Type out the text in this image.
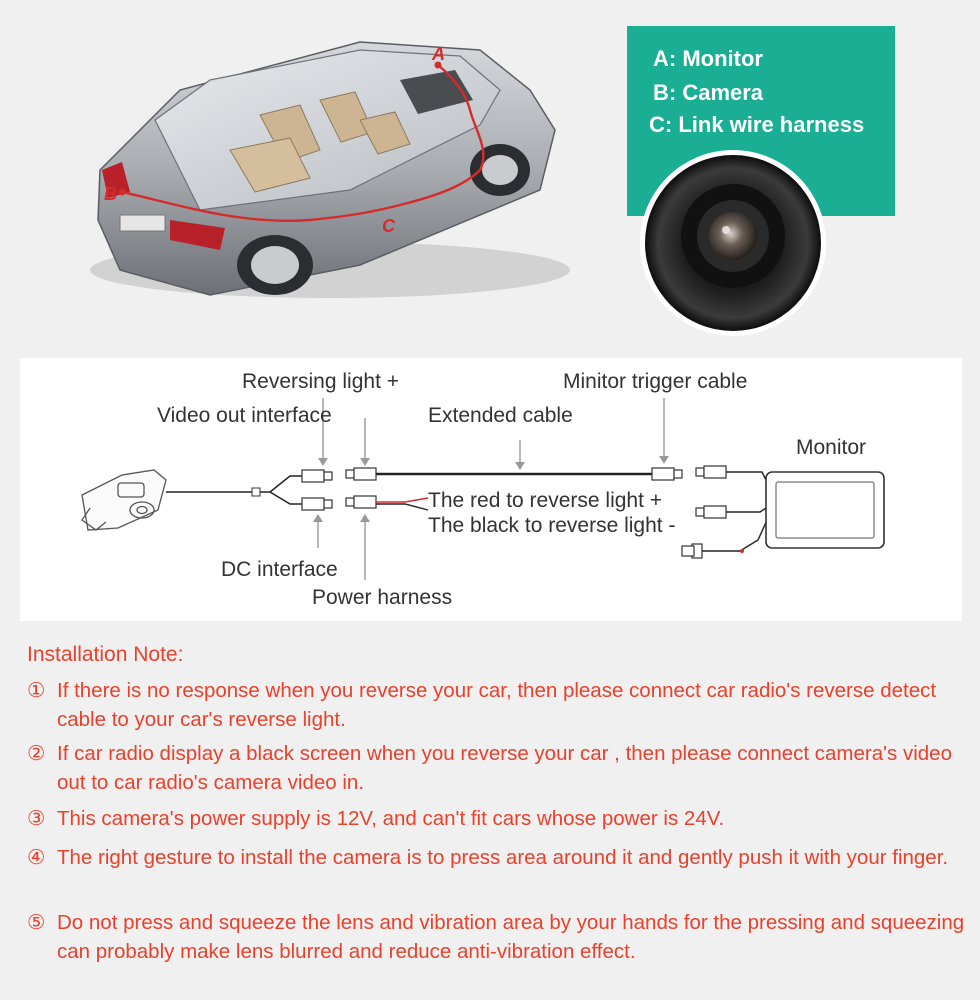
A
B
C
A: Monitor
B: Camera
C: Link wire harness
Reversing light +	Minitor trigger cable
Video out interface	Extended cable
Monitor
The red to reverse light +
The black to reverse light -
DC interface
Power harness
Installation Note:
① If there is no response when you reverse your car, then please connect car radio's reverse detect cable to your car's reverse light.
② If car radio display a black screen when you reverse your car , then please connect camera's video out to car radio's camera video in.
③ This camera's power supply is 12V, and can't fit cars whose power is 24V.
④ The right gesture to install the camera is to press area around it and gently push it with your finger.
⑤ Do not press and squeeze the lens and vibration area by your hands for the pressing and squeezing can probably make lens blurred and reduce anti-vibration effect.
